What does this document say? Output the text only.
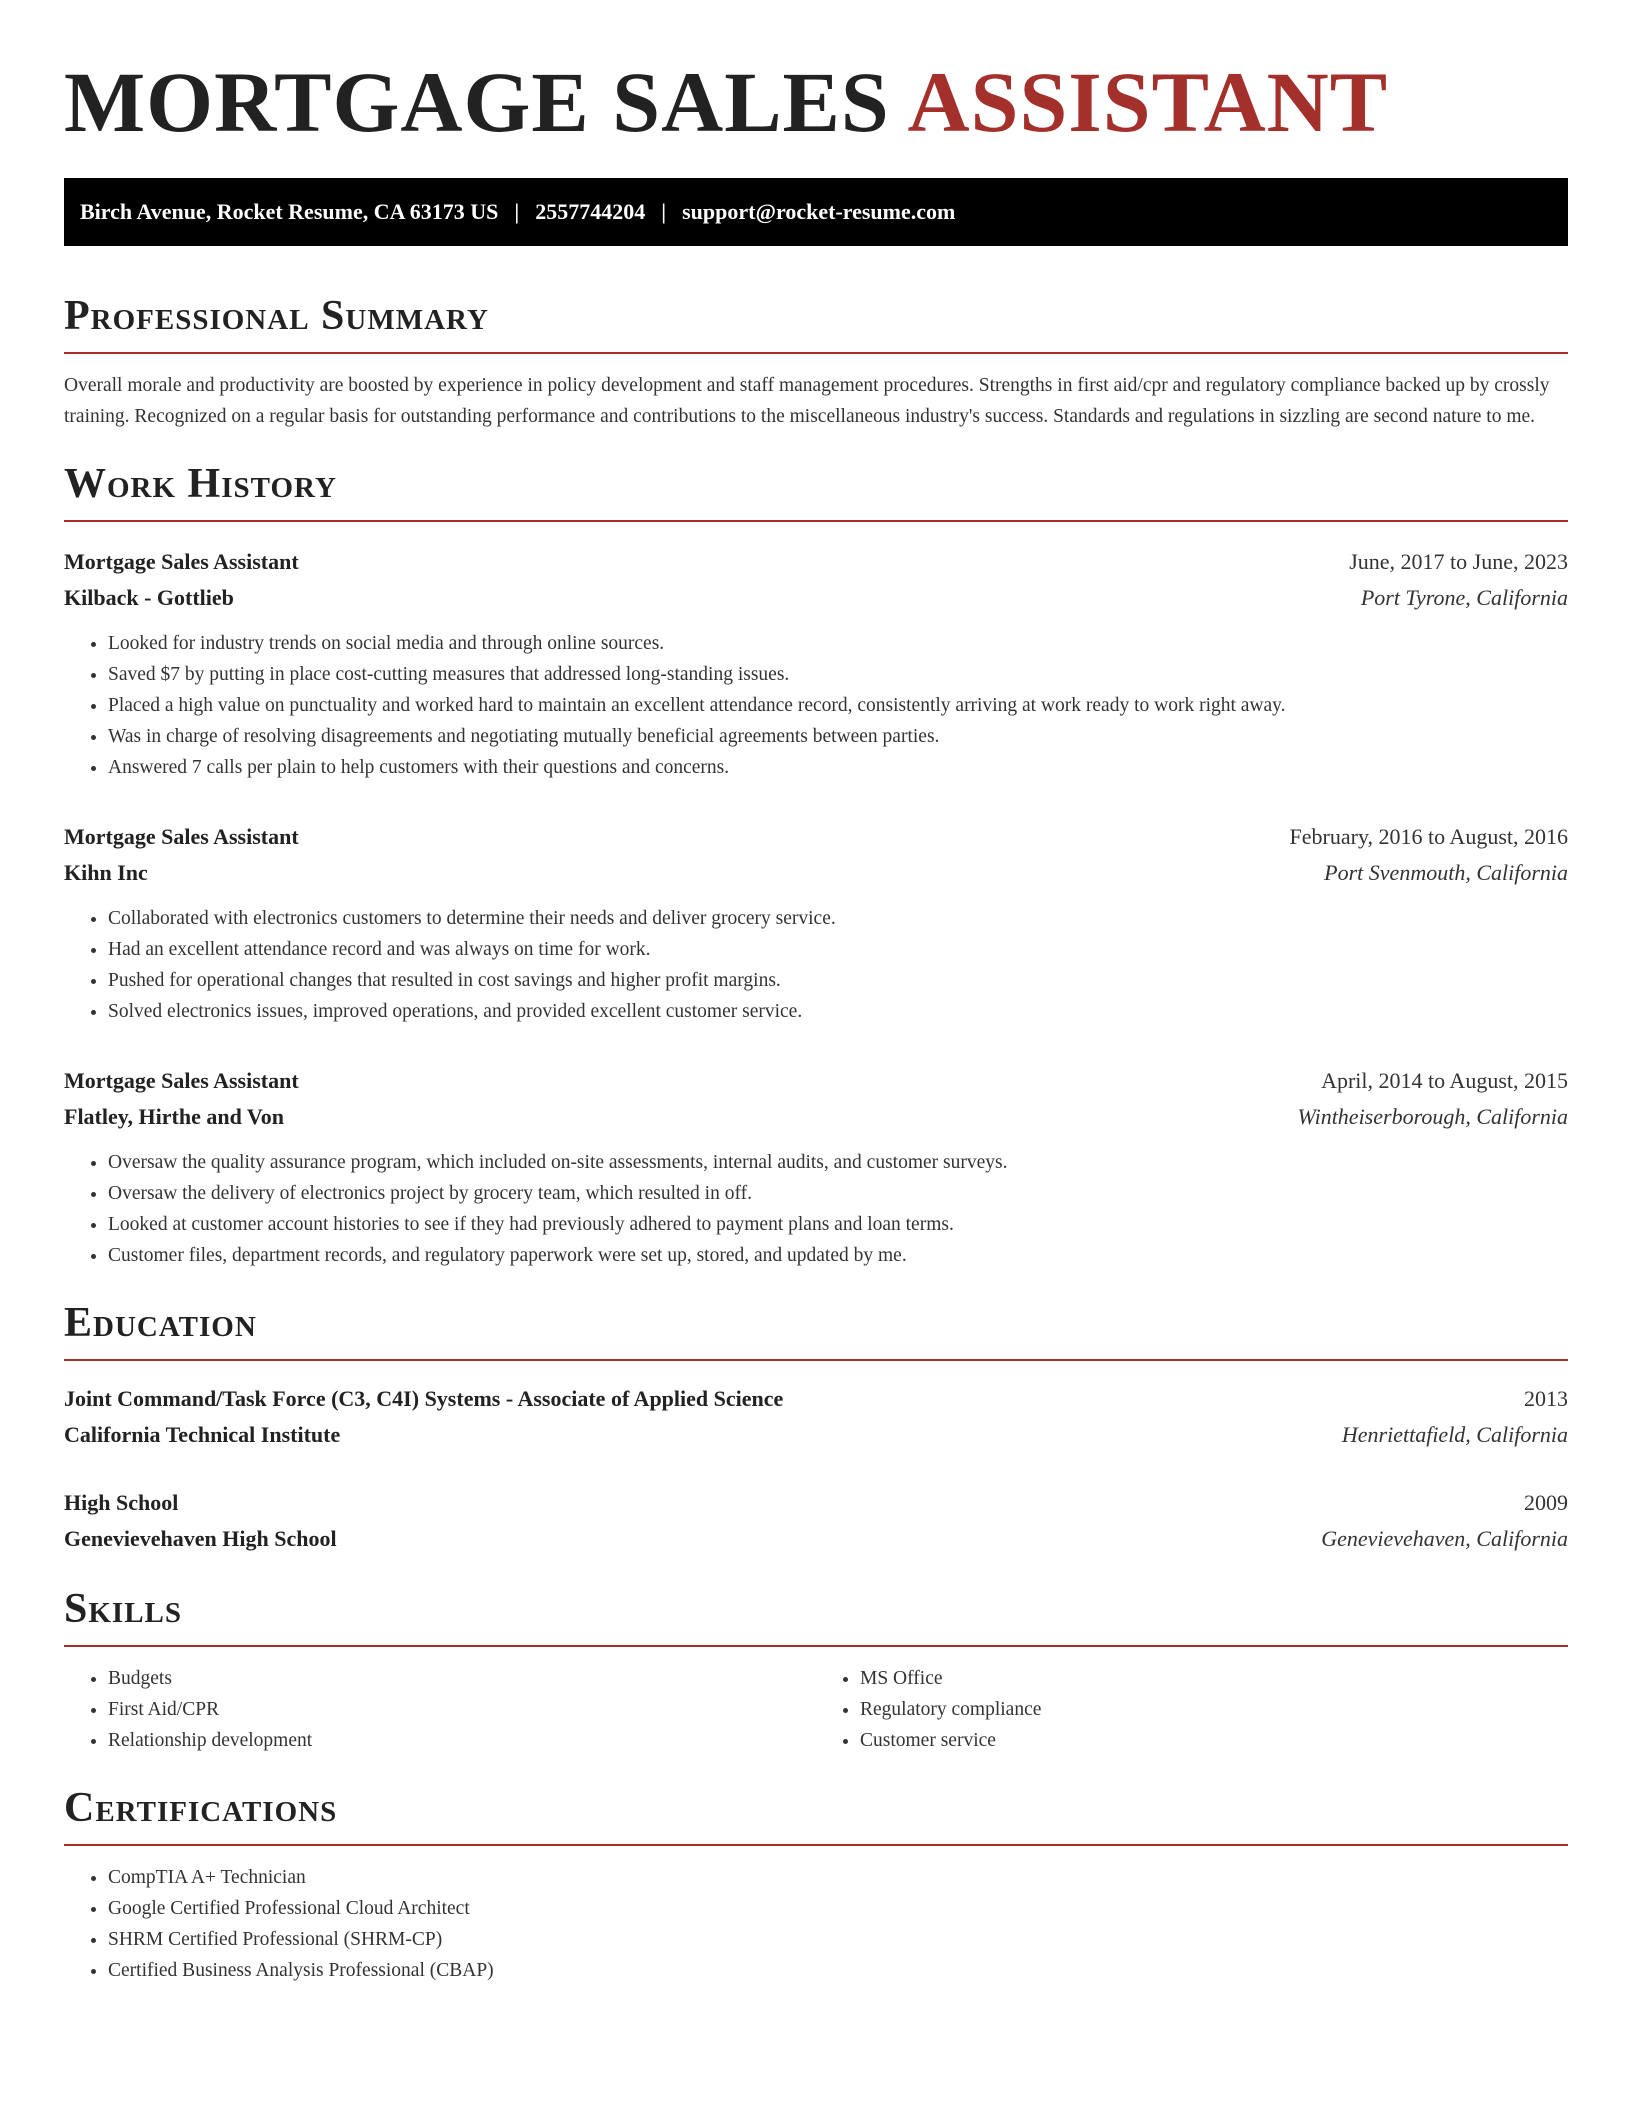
MORTGAGE SALES ASSISTANT
Birch Avenue, Rocket Resume, CA 63173 US | 2557744204 | support@rocket-resume.com
Professional Summary

Overall morale and productivity are boosted by experience in policy development and staff management procedures. Strengths in first aid/cpr and regulatory compliance backed up by crossly training. Recognized on a regular basis for outstanding performance and contributions to the miscellaneous industry's success. Standards and regulations in sizzling are second nature to me.

Work History
Mortgage Sales Assistant	June, 2017 to June, 2023
Kilback - Gottlieb	Port Tyrone, California
• Looked for industry trends on social media and through online sources.
• Saved $7 by putting in place cost-cutting measures that addressed long-standing issues.
• Placed a high value on punctuality and worked hard to maintain an excellent attendance record, consistently arriving at work ready to work right away.
• Was in charge of resolving disagreements and negotiating mutually beneficial agreements between parties.
• Answered 7 calls per plain to help customers with their questions and concerns.
Mortgage Sales Assistant	February, 2016 to August, 2016
Kihn Inc	Port Svenmouth, California
• Collaborated with electronics customers to determine their needs and deliver grocery service.
• Had an excellent attendance record and was always on time for work.
• Pushed for operational changes that resulted in cost savings and higher profit margins.
• Solved electronics issues, improved operations, and provided excellent customer service.
Mortgage Sales Assistant	April, 2014 to August, 2015
Flatley, Hirthe and Von	Wintheiserborough, California
• Oversaw the quality assurance program, which included on-site assessments, internal audits, and customer surveys.
• Oversaw the delivery of electronics project by grocery team, which resulted in off.
• Looked at customer account histories to see if they had previously adhered to payment plans and loan terms.
• Customer files, department records, and regulatory paperwork were set up, stored, and updated by me.
Education
Joint Command/Task Force (C3, C4I) Systems - Associate of Applied Science	2013
California Technical Institute	Henriettafield, California
High School	2009
Genevievehaven High School	Genevievehaven, California
Skills
• Budgets
• First Aid/CPR
• Relationship development
• MS Office
• Regulatory compliance
• Customer service
Certifications
• CompTIA A+ Technician
• Google Certified Professional Cloud Architect
• SHRM Certified Professional (SHRM-CP)
• Certified Business Analysis Professional (CBAP)
